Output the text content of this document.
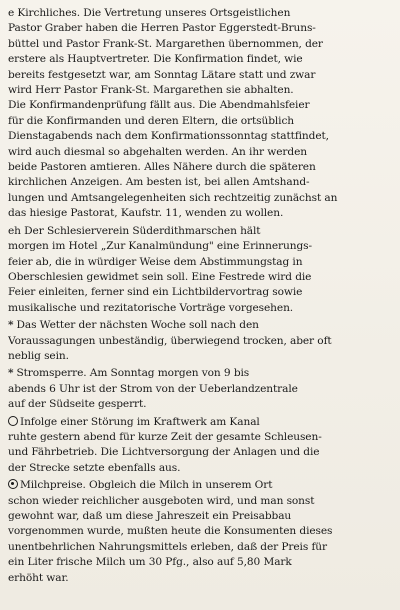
e Kirchliches. Die Vertretung unseres Ortsgeistlichen
Pastor Graber haben die Herren Pastor Eggerstedt-Bruns-
büttel und Pastor Frank-St. Margarethen übernommen, der
erstere als Hauptvertreter. Die Konfirmation findet, wie
bereits festgesetzt war, am Sonntag Lätare statt und zwar
wird Herr Pastor Frank-St. Margarethen sie abhalten.
Die Konfirmandenprüfung fällt aus. Die Abendmahlsfeier
für die Konfirmanden und deren Eltern, die ortsüblich
Dienstagabends nach dem Konfirmationssonntag stattfindet,
wird auch diesmal so abgehalten werden. An ihr werden
beide Pastoren amtieren. Alles Nähere durch die späteren
kirchlichen Anzeigen. Am besten ist, bei allen Amtshand-
lungen und Amtsangelegenheiten sich rechtzeitig zunächst an
das hiesige Pastorat, Kaufstr. 11, wenden zu wollen.
eh Der Schlesierverein Süderdithmarschen hält
morgen im Hotel „Zur Kanalmündung" eine Erinnerungs-
feier ab, die in würdiger Weise dem Abstimmungstag in
Oberschlesien gewidmet sein soll. Eine Festrede wird die
Feier einleiten, ferner sind ein Lichtbildervortrag sowie
musikalische und rezitatorische Vorträge vorgesehen.
* Das Wetter der nächsten Woche soll nach den
Voraussagungen unbeständig, überwiegend trocken, aber oft
neblig sein.
* Stromsperre. Am Sonntag morgen von 9 bis
abends 6 Uhr ist der Strom von der Ueberlandzentrale
auf der Südseite gesperrt.
Infolge einer Störung im Kraftwerk am Kanal
ruhte gestern abend für kurze Zeit der gesamte Schleusen-
und Fährbetrieb. Die Lichtversorgung der Anlagen und die
der Strecke setzte ebenfalls aus.
Milchpreise. Obgleich die Milch in unserem Ort
schon wieder reichlicher ausgeboten wird, und man sonst
gewohnt war, daß um diese Jahreszeit ein Preisabbau
vorgenommen wurde, mußten heute die Konsumenten dieses
unentbehrlichen Nahrungsmittels erleben, daß der Preis für
ein Liter frische Milch um 30 Pfg., also auf 5,80 Mark
erhöht war.
